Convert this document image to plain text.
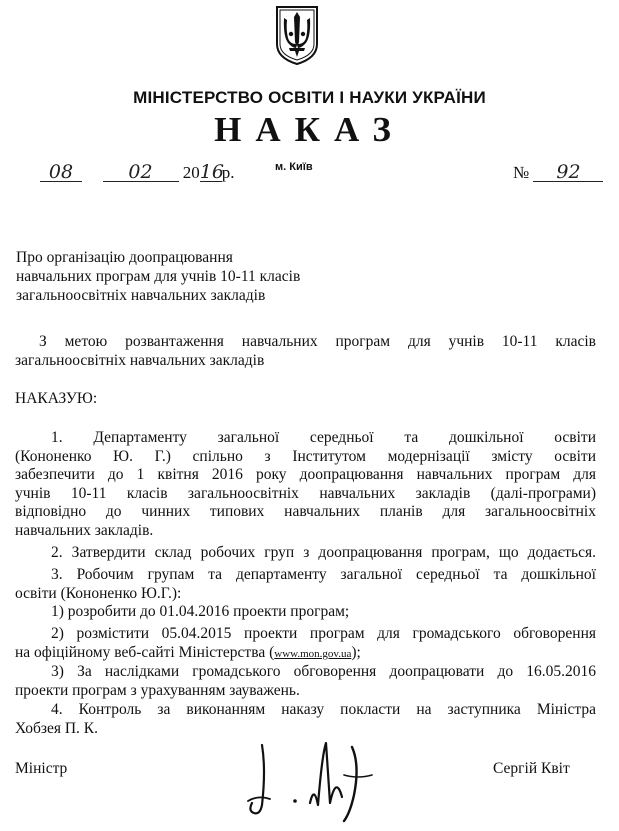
МІНІСТЕРСТВО ОСВІТИ І НАУКИ УКРАЇНИ
НАКАЗ
08	02 2016р.	м. Київ	№ 92
Про організацію доопрацювання
навчальних програм для учнів 10-11 класів
загальноосвітніх навчальних закладів
З метою розвантаження навчальних програм для учнів 10-11 класів
загальноосвітніх навчальних закладів
НАКАЗУЮ:
1. Департаменту загальної середньої та дошкільної освіти
(Кононенко Ю. Г.) спільно з Інститутом модернізації змісту освіти
забезпечити до 1 квітня 2016 року доопрацювання навчальних програм для
учнів 10-11 класів загальноосвітніх навчальних закладів (далі-програми)
відповідно до чинних типових навчальних планів для загальноосвітніх
навчальних закладів.
2. Затвердити склад робочих груп з доопрацювання програм, що додається.
3. Робочим групам та департаменту загальної середньої та дошкільної
освіти (Кононенко Ю.Г.):
1) розробити до 01.04.2016 проекти програм;
2) розмістити 05.04.2015 проекти програм для громадського обговорення
на офіційному веб-сайті Міністерства (www.mon.gov.ua);
3) За наслідками громадського обговорення доопрацювати до 16.05.2016
проекти програм з урахуванням зауважень.
4. Контроль за виконанням наказу покласти на заступника Міністра
Хобзея П. К.
Міністр	Сергій Квіт
